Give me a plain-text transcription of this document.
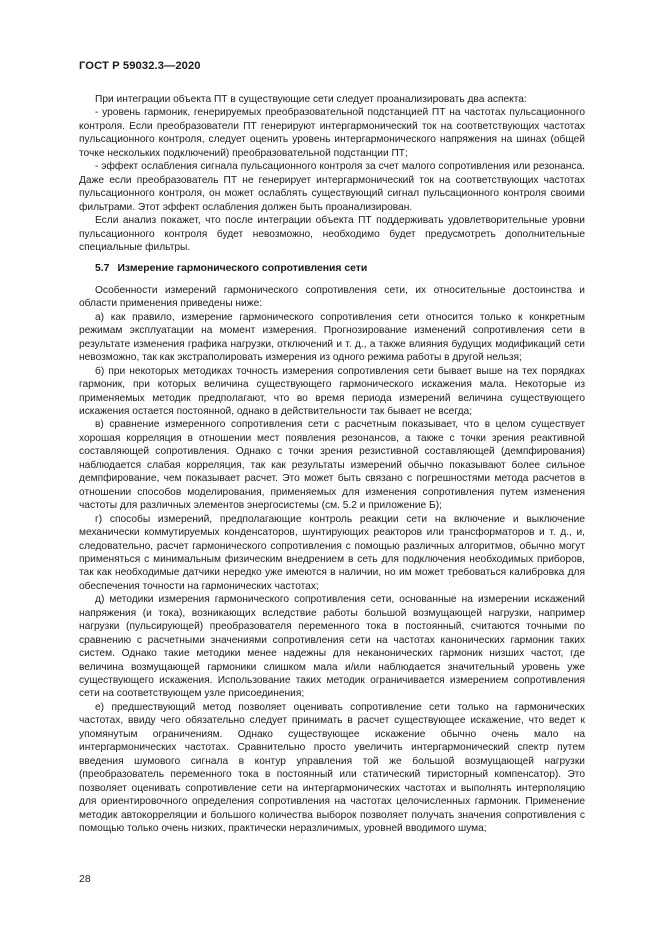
ГОСТ Р 59032.3—2020

При интеграции объекта ПТ в существующие сети следует проанализировать два аспекта:

- уровень гармоник, генерируемых преобразовательной подстанцией ПТ на частотах пульсационного контроля. Если преобразователи ПТ генерируют интергармонический ток на соответствующих частотах пульсационного контроля, следует оценить уровень интергармонического напряжения на шинах (общей точке нескольких подключений) преобразовательной подстанции ПТ;

- эффект ослабления сигнала пульсационного контроля за счет малого сопротивления или резонанса. Даже если преобразователь ПТ не генерирует интергармонический ток на соответствующих частотах пульсационного контроля, он может ослаблять существующий сигнал пульсационного контроля своими фильтрами. Этот эффект ослабления должен быть проанализирован.

Если анализ покажет, что после интеграции объекта ПТ поддерживать удовлетворительные уровни пульсационного контроля будет невозможно, необходимо будет предусмотреть дополнительные специальные фильтры.

5.7 Измерение гармонического сопротивления сети

Особенности измерений гармонического сопротивления сети, их относительные достоинства и области применения приведены ниже:

а) как правило, измерение гармонического сопротивления сети относится только к конкретным режимам эксплуатации на момент измерения. Прогнозирование изменений сопротивления сети в результате изменения графика нагрузки, отключений и т. д., а также влияния будущих модификаций сети невозможно, так как экстраполировать измерения из одного режима работы в другой нельзя;

б) при некоторых методиках точность измерения сопротивления сети бывает выше на тех порядках гармоник, при которых величина существующего гармонического искажения мала. Некоторые из применяемых методик предполагают, что во время периода измерений величина существующего искажения остается постоянной, однако в действительности так бывает не всегда;

в) сравнение измеренного сопротивления сети с расчетным показывает, что в целом существует хорошая корреляция в отношении мест появления резонансов, а также с точки зрения реактивной составляющей сопротивления. Однако с точки зрения резистивной составляющей (демпфирования) наблюдается слабая корреляция, так как результаты измерений обычно показывают более сильное демпфирование, чем показывает расчет. Это может быть связано с погрешностями метода расчетов в отношении способов моделирования, применяемых для изменения сопротивления путем изменения частоты для различных элементов энергосистемы (см. 5.2 и приложение Б);

г) способы измерений, предполагающие контроль реакции сети на включение и выключение механически коммутируемых конденсаторов, шунтирующих реакторов или трансформаторов и т. д., и, следовательно, расчет гармонического сопротивления с помощью различных алгоритмов, обычно могут применяться с минимальным физическим внедрением в сеть для подключения необходимых приборов, так как необходимые датчики нередко уже имеются в наличии, но им может требоваться калибровка для обеспечения точности на гармонических частотах;

д) методики измерения гармонического сопротивления сети, основанные на измерении искажений напряжения (и тока), возникающих вследствие работы большой возмущающей нагрузки, например нагрузки (пульсирующей) преобразователя переменного тока в постоянный, считаются точными по сравнению с расчетными значениями сопротивления сети на частотах канонических гармоник таких систем. Однако такие методики менее надежны для неканонических гармоник низших частот, где величина возмущающей гармоники слишком мала и/или наблюдается значительный уровень уже существующего искажения. Использование таких методик ограничивается измерением сопротивления сети на соответствующем узле присоединения;

е) предшествующий метод позволяет оценивать сопротивление сети только на гармонических частотах, ввиду чего обязательно следует принимать в расчет существующее искажение, что ведет к упомянутым ограничениям. Однако существующее искажение обычно очень мало на интергармонических частотах. Сравнительно просто увеличить интергармонический спектр путем введения шумового сигнала в контур управления той же большой возмущающей нагрузки (преобразователь переменного тока в постоянный или статический тиристорный компенсатор). Это позволяет оценивать сопротивление сети на интергармонических частотах и выполнять интерполяцию для ориентировочного определения сопротивления на частотах целочисленных гармоник. Применение методик автокорреляции и большого количества выборок позволяет получать значения сопротивления с помощью только очень низких, практически неразличимых, уровней вводимого шума;

28
